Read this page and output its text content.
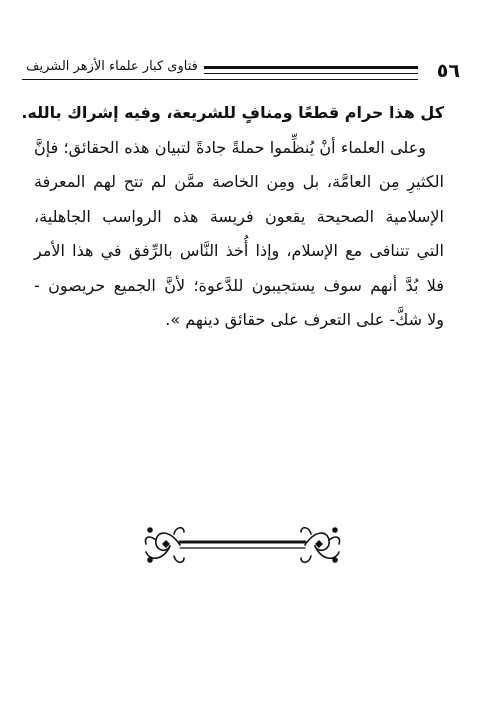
٥٦
فتاوى كبار علماء الأزهر الشريف
كل هذا حرام قطعًا ومنافٍ للشريعة، وفيه إشراك بالله.
وعلى العلماء أنْ يُنظِّموا حملةً جادةً لتبيان هذه الحقائق؛ فإنَّ
الكثيرِ مِن العامَّة، بل ومِن الخاصة ممَّن لم تتح لهم المعرفة
الإسلامية الصحيحة يقعون فريسة هذه الرواسب الجاهلية،
التي تتنافى مع الإسلام، وإذا أُخذ النَّاس بالرِّفق في هذا الأمر
فلا بُدَّ أنهم سوف يستجيبون للدَّعوة؛ لأنَّ الجميع حريصون -
ولا شكَّ- على التعرف على حقائق دينهم ».
